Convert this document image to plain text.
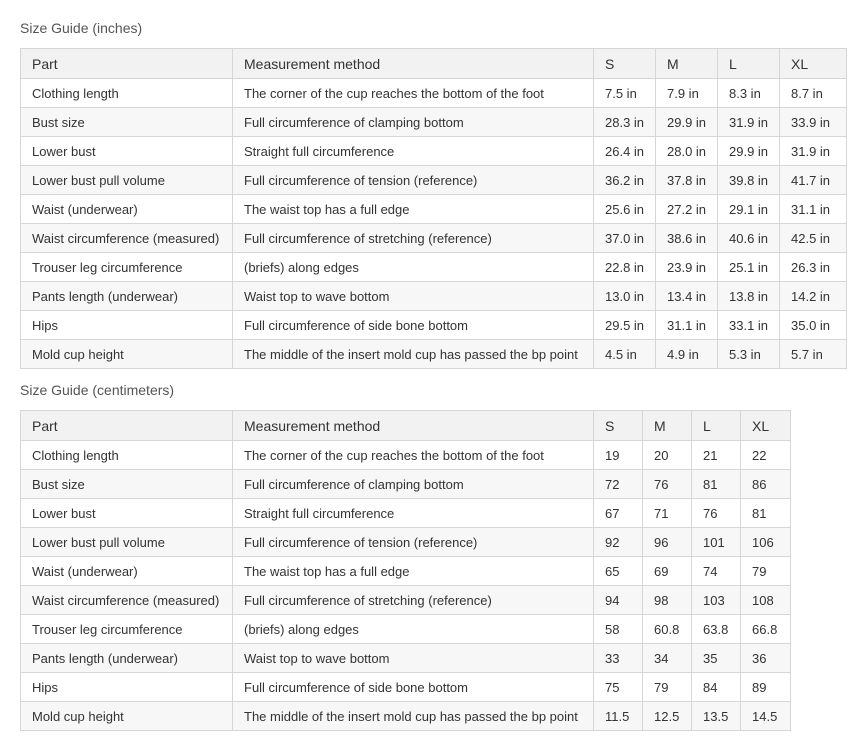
Size Guide (inches)
Part	Measurement method	S	M	L	XL
Clothing length	The corner of the cup reaches the bottom of the foot	7.5 in	7.9 in	8.3 in	8.7 in
Bust size	Full circumference of clamping bottom	28.3 in	29.9 in	31.9 in	33.9 in
Lower bust	Straight full circumference	26.4 in	28.0 in	29.9 in	31.9 in
Lower bust pull volume	Full circumference of tension (reference)	36.2 in	37.8 in	39.8 in	41.7 in
Waist (underwear)	The waist top has a full edge	25.6 in	27.2 in	29.1 in	31.1 in
Waist circumference (measured)	Full circumference of stretching (reference)	37.0 in	38.6 in	40.6 in	42.5 in
Trouser leg circumference	(briefs) along edges	22.8 in	23.9 in	25.1 in	26.3 in
Pants length (underwear)	Waist top to wave bottom	13.0 in	13.4 in	13.8 in	14.2 in
Hips	Full circumference of side bone bottom	29.5 in	31.1 in	33.1 in	35.0 in
Mold cup height	The middle of the insert mold cup has passed the bp point	4.5 in	4.9 in	5.3 in	5.7 in
Size Guide (centimeters)
Part	Measurement method	S	M	L	XL
Clothing length	The corner of the cup reaches the bottom of the foot	19	20	21	22
Bust size	Full circumference of clamping bottom	72	76	81	86
Lower bust	Straight full circumference	67	71	76	81
Lower bust pull volume	Full circumference of tension (reference)	92	96	101	106
Waist (underwear)	The waist top has a full edge	65	69	74	79
Waist circumference (measured)	Full circumference of stretching (reference)	94	98	103	108
Trouser leg circumference	(briefs) along edges	58	60.8	63.8	66.8
Pants length (underwear)	Waist top to wave bottom	33	34	35	36
Hips	Full circumference of side bone bottom	75	79	84	89
Mold cup height	The middle of the insert mold cup has passed the bp point	11.5	12.5	13.5	14.5
